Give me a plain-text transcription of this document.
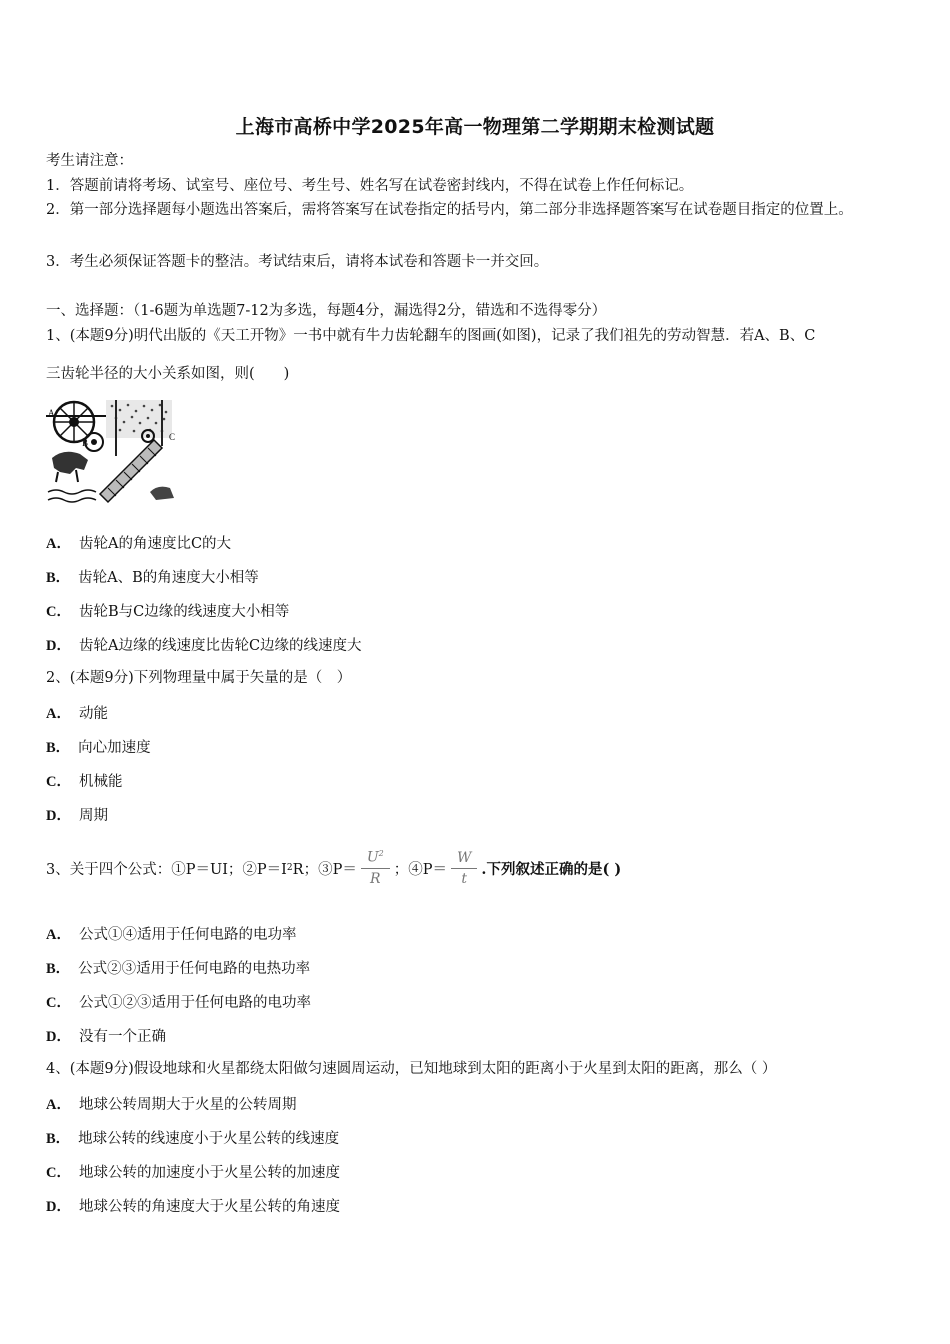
上海市高桥中学2025年高一物理第二学期期末检测试题
考生请注意：
1．答题前请将考场、试室号、座位号、考生号、姓名写在试卷密封线内，不得在试卷上作任何标记。
2．第一部分选择题每小题选出答案后，需将答案写在试卷指定的括号内，第二部分非选择题答案写在试卷题目指定的位置上。
3．考生必须保证答题卡的整洁。考试结束后，请将本试卷和答题卡一并交回。
一、选择题：（1-6题为单选题7-12为多选，每题4分，漏选得2分，错选和不选得零分）
1、(本题9分)明代出版的《天工开物》一书中就有牛力齿轮翻车的图画(如图)，记录了我们祖先的劳动智慧．若A、B、C
三齿轮半径的大小关系如图，则(　　)
A
B
C
A． 齿轮A的角速度比C的大
B． 齿轮A、B的角速度大小相等
C． 齿轮B与C边缘的线速度大小相等
D． 齿轮A边缘的线速度比齿轮C边缘的线速度大
2、(本题9分)下列物理量中属于矢量的是（　）
A． 动能
B． 向心加速度
C． 机械能
D． 周期
3、关于四个公式：①P＝UI；②P＝I 2 R；③P＝ $\frac{U^2}{R}$ ；④P＝ $\frac{W}{t}$ .下列叙述正确的是( )
A． 公式①④适用于任何电路的电功率
B． 公式②③适用于任何电路的电热功率
C． 公式①②③适用于任何电路的电功率
D． 没有一个正确
4、(本题9分)假设地球和火星都绕太阳做匀速圆周运动，已知地球到太阳的距离小于火星到太阳的距离，那么（ ）
A． 地球公转周期大于火星的公转周期
B． 地球公转的线速度小于火星公转的线速度
C． 地球公转的加速度小于火星公转的加速度
D． 地球公转的角速度大于火星公转的角速度
